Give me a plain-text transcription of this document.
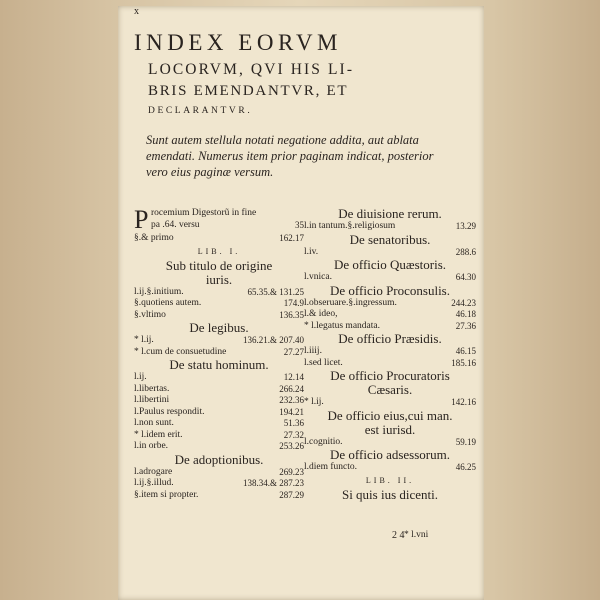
x
INDEX EORVM
LOCORVM, QVI HIS LI-
BRIS EMENDANTVR, ET
DECLARANTVR.
Sunt autem stellula notati negatione addita, aut ablata emendati. Numerus item prior paginam indicat, posterior vero eius paginæ versum.
P rocemium Digestorũ in fine
pa .64. versu	35
§.& primo	162.17
LIB. I.
Sub titulo de origine
iuris.
l.ij.§.initium.	65.35.& 131.25
§.quotiens autem.	174.9
§.vltimo	136.35
De legibus.
* l.ij.	136.21.& 207.40
* l.cum de consuetudine	27.27
De statu hominum.
l.ij.	12.14
l.libertas.	266.24
l.libertini	232.36
l.Paulus respondit.	194.21
l.non sunt.	51.36
* l.idem erit.	27.32
l.in orbe.	253.26
De adoptionibus.
l.adrogare	269.23
l.ij.§.illud.	138.34.& 287.23
§.item si propter.	287.29
De diuisione rerum.
l.in tantum.§.religiosum	13.29
De senatoribus.
l.iv.	288.6
De officio Quæstoris.
l.vnica.	64.30
De officio Proconsulis.
l.obseruare.§.ingressum.	244.23
l.& ideo,	46.18
* l.legatus mandata.	27.36
De officio Præsidis.
l.iiij.	46.15
l.sed licet.	185.16
De officio Procuratoris
Cæsaris.
* l.ij.	142.16
De officio eius,cui man.
est iurisd.
l.cognitio.	59.19
De officio adsessorum.
l.diem functo.	46.25
LIB. II.
Si quis ius dicenti.
2 4 * l.vni
